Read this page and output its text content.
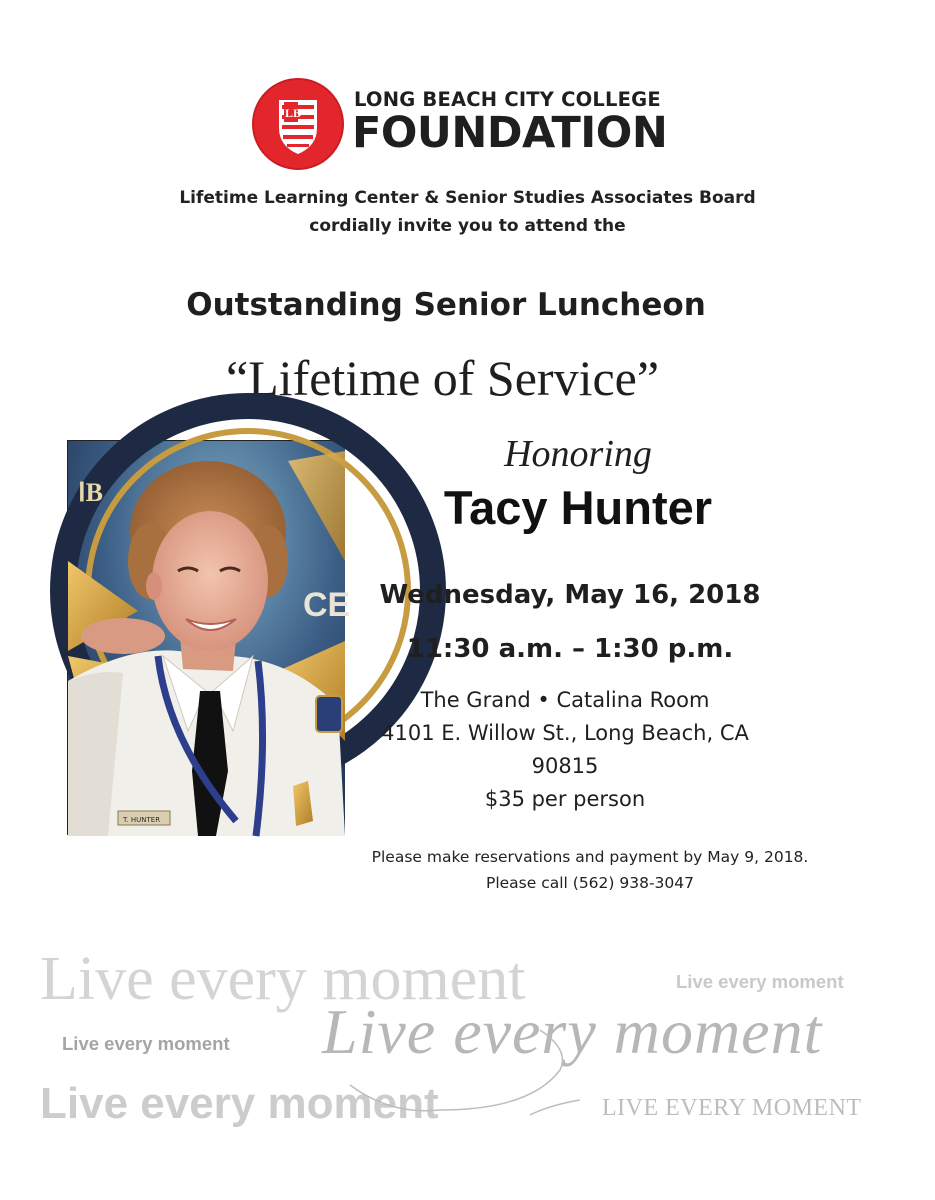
LB
LONG BEACH CITY COLLEGE
FOUNDATION
Lifetime Learning Center & Senior Studies Associates Board
cordially invite you to attend the
Outstanding Senior Luncheon
“Lifetime of Service”
CE
ⅠB
T. HUNTER
Honoring
Tacy Hunter
Wednesday, May 16, 2018
11:30 a.m. – 1:30 p.m.
The Grand • Catalina Room
4101 E. Willow St., Long Beach, CA
90815
$35 per person
Please make reservations and payment by May 9, 2018.
Please call (562) 938-3047
Live every moment	Live every moment
Live every moment Live every moment
Live every moment	LIVE EVERY MOMENT
